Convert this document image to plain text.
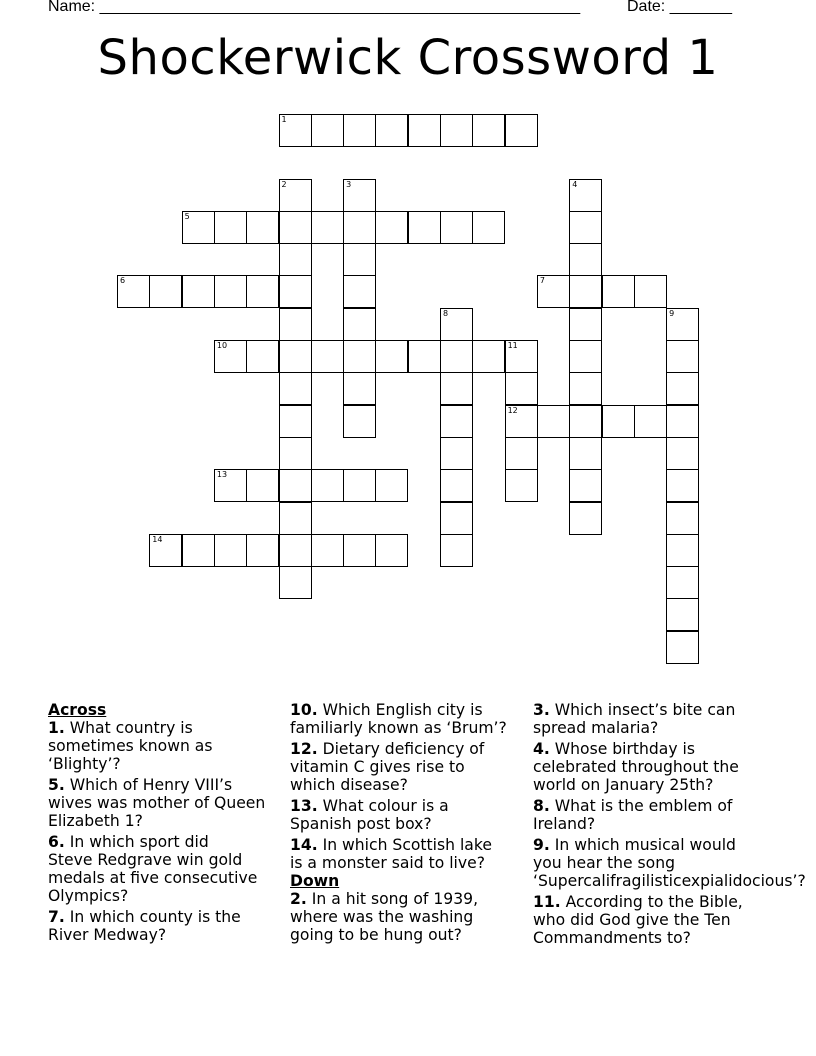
Name: ______________________________________________________	Date: _______
Shockerwick Crossword 1
1
2	3	4
5
6	7
8	9
10	11
12
13
14
Across
1. What country is
sometimes known as
‘Blighty’?
5. Which of Henry VIII’s
wives was mother of Queen
Elizabeth 1?
6. In which sport did
Steve Redgrave win gold
medals at five consecutive
Olympics?
7. In which county is the
River Medway?
10. Which English city is
familiarly known as ‘Brum’?
12. Dietary deficiency of
vitamin C gives rise to
which disease?
13. What colour is a
Spanish post box?
14. In which Scottish lake
is a monster said to live?
Down
2. In a hit song of 1939,
where was the washing
going to be hung out?
3. Which insect’s bite can
spread malaria?
4. Whose birthday is
celebrated throughout the
world on January 25th?
8. What is the emblem of
Ireland?
9. In which musical would
you hear the song
‘Supercalifragilisticexpialidocious’?
11. According to the Bible,
who did God give the Ten
Commandments to?
